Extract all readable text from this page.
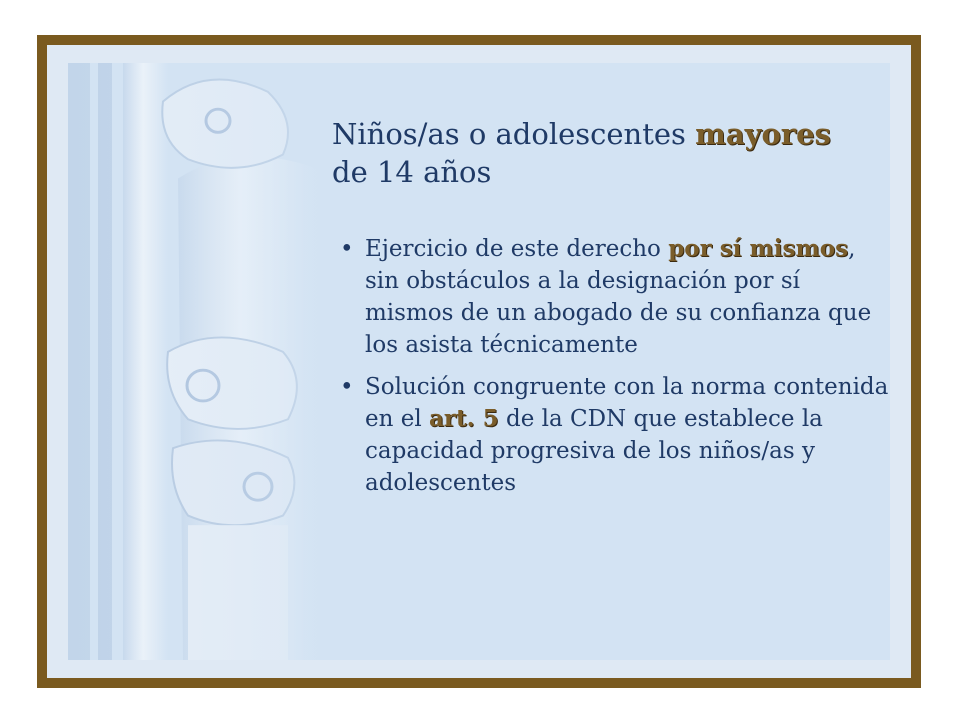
Niños/as o adolescentes mayores
de 14 años
• Ejercicio de este derecho por sí mismos, sin obstáculos a la designación por sí mismos de un abogado de su confianza que los asista técnicamente
• Solución congruente con la norma contenida en el art. 5 de la CDN que establece la capacidad progresiva de los niños/as y adolescentes
